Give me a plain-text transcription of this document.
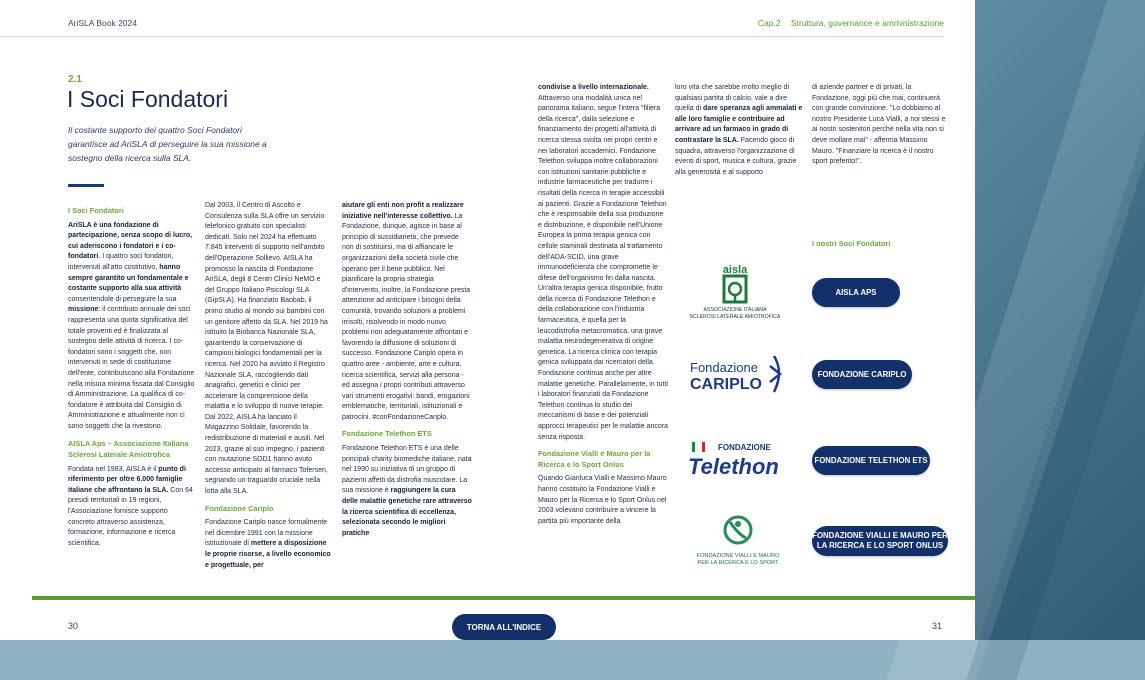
AriSLA Book 2024	Cap.2 Struttura, governance e amministrazione
2.1
I Soci Fondatori
Il costante supporto dei quattro Soci Fondatori garantisce ad AriSLA di perseguire la sua missione a sostegno della ricerca sulla SLA.
I Soci Fondatori

AriSLA è una fondazione di partecipazione, senza scopo di lucro, cui aderiscono i fondatori e i co-fondatori. I quattro soci fondatori, intervenuti all'atto costitutivo, hanno sempre garantito un fondamentale e costante supporto alla sua attività consentendole di perseguire la sua missione: il contributo annuale dei soci rappresenta una quota significativa del totale proventi ed è finalizzata al sostegno delle attività di ricerca. I co-fondatori sono i soggetti che, non intervenuti in sede di costituzione dell'ente, contribuiscono alla Fondazione nella misura minima fissata dal Consiglio di Amministrazione. La qualifica di co-fondatore è attribuita dal Consiglio di Amministrazione e attualmente non ci sono soggetti che la rivestono.

AISLA Aps – Associazione Italiana Sclerosi Laterale Amiotrofica

Fondata nel 1983, AISLA è il punto di riferimento per oltre 6.000 famiglie italiane che affrontano la SLA. Con 64 presidi territoriali in 19 regioni, l'Associazione fornisce supporto concreto attraverso assistenza, formazione, informazione e ricerca scientifica.

Dal 2003, il Centro di Ascolto e Consulenza sulla SLA offre un servizio telefonico gratuito con specialisti dedicati. Solo nel 2024 ha effettuato 7.845 interventi di supporto nell'ambito dell'Operazione Sollievo. AISLA ha promosso la nascita di Fondazione AriSLA, degli 8 Centri Clinici NeMO e del Gruppo Italiano Psicologi SLA (GipSLA). Ha finanziato Baobab, il primo studio al mondo sui bambini con un genitore affetto da SLA. Nel 2019 ha istituito la Biobanca Nazionale SLA, garantendo la conservazione di campioni biologici fondamentali per la ricerca. Nel 2020 ha avviato il Registro Nazionale SLA, raccogliendo dati anagrafici, genetici e clinici per accelerare la comprensione della malattia e lo sviluppo di nuove terapie. Dal 2022, AISLA ha lanciato il Magazzino Solidale, favorendo la redistribuzione di materiali e ausili. Nel 2023, grazie al suo impegno, i pazienti con mutazione SOD1 hanno avuto accesso anticipato al farmaco Tofersen, segnando un traguardo cruciale nella lotta alla SLA.

Fondazione Cariplo

Fondazione Cariplo nasce formalmente nel dicembre 1991 con la missione istituzionale di mettere a disposizione le proprie risorse, a livello economico e progettuale, per

aiutare gli enti non profit a realizzare iniziative nell'interesse collettivo. La Fondazione, dunque, agisce in base al principio di sussidiarietà, che prevede non di sostituirsi, ma di affiancare le organizzazioni della società civile che operano per il bene pubblico. Nel pianificare la propria strategia d'intervento, inoltre, la Fondazione presta attenzione ad anticipare i bisogni della comunità, trovando soluzioni a problemi irrisolti, risolvendo in modo nuovo problemi non adeguatamente affrontati e favorendo la diffusione di soluzioni di successo. Fondazione Cariplo opera in quattro aree - ambiente, arte e cultura, ricerca scientifica, servizi alla persona - ed assegna i propri contributi attraverso vari strumenti erogativi: bandi, erogazioni emblematiche, territoriali, istituzionali e patrocini. #conFondazioneCariplo.

Fondazione Telethon ETS

Fondazione Telethon ETS è una delle principali charity biomediche italiane, nata nel 1990 su iniziativa di un gruppo di pazienti affetti da distrofia muscolare. La sua missione è raggiungere la cura delle malattie genetiche rare attraverso la ricerca scientifica di eccellenza, selezionata secondo le migliori pratiche

condivise a livello internazionale. Attraverso una modalità unica nel panorama italiano, segue l'intera "filiera della ricerca", dalla selezione e finanziamento dei progetti all'attività di ricerca stessa svolta nei propri centri e nei laboratori accademici. Fondazione Telethon sviluppa inoltre collaborazioni con istituzioni sanitarie pubbliche e industrie farmaceutiche per tradurre i risultati della ricerca in terapie accessibili ai pazienti. Grazie a Fondazione Telethon che è responsabile della sua produzione e distribuzione, è disponibile nell'Unione Europea la prima terapia genica con cellule staminali destinata al trattamento dell'ADA-SCID, una grave immunodeficienza che compromette le difese dell'organismo fin dalla nascita. Un'altra terapia genica disponibile, frutto della ricerca di Fondazione Telethon e della collaborazione con l'industria farmaceutica, è quella per la leucodistrofia metacromatica, una grave malattia neurodegenerativa di origine genetica. La ricerca clinica con terapia genica sviluppata dai ricercatori della Fondazione continua anche per altre malattie genetiche. Parallelamente, in tutti i laboratori finanziati da Fondazione Telethon continua lo studio dei meccanismi di base e dei potenziali approcci terapeutici per le malattie ancora senza risposta.

Fondazione Vialli e Mauro per la Ricerca e lo Sport Onlus

Quando Gianluca Vialli e Massimo Mauro hanno costituito la Fondazione Vialli e Mauro per la Ricerca e lo Sport Onlus nel 2003 volevano contribuire a vincere la partita più importante della

loro vita che sarebbe molto meglio di qualsiasi partita di calcio, vale a dire quella di dare speranza agli ammalati e alle loro famiglie e contribuire ad arrivare ad un farmaco in grado di contrastare la SLA. Facendo gioco di squadra, attraverso l'organizzazione di eventi di sport, musica e cultura, grazie alla generosità e al supporto

di aziende partner e di privati, la Fondazione, oggi più che mai, continuerà con grande convinzione. "Lo dobbiamo al nostro Presidente Luca Vialli, a noi stessi e ai nostri sostenitori perché nella vita non si deve mollare mai" - afferma Massimo Mauro. "Finanziare la ricerca è il nostro sport preferito!".

I nostri Soci Fondatori
aisla
ASSOCIAZIONE ITALIANA
SCLEROSI LATERALE AMIOTROFICA
Fondazione
CARIPLO
FONDAZIONE
Telethon
FONDAZIONE VIALLI E MAURO
PER LA RICERCA E LO SPORT
AISLA APS
FONDAZIONE CARIPLO
FONDAZIONE TELETHON ETS
FONDAZIONE VIALLI E MAURO PER
LA RICERCA E LO SPORT ONLUS
30	31
TORNA ALL'INDICE
